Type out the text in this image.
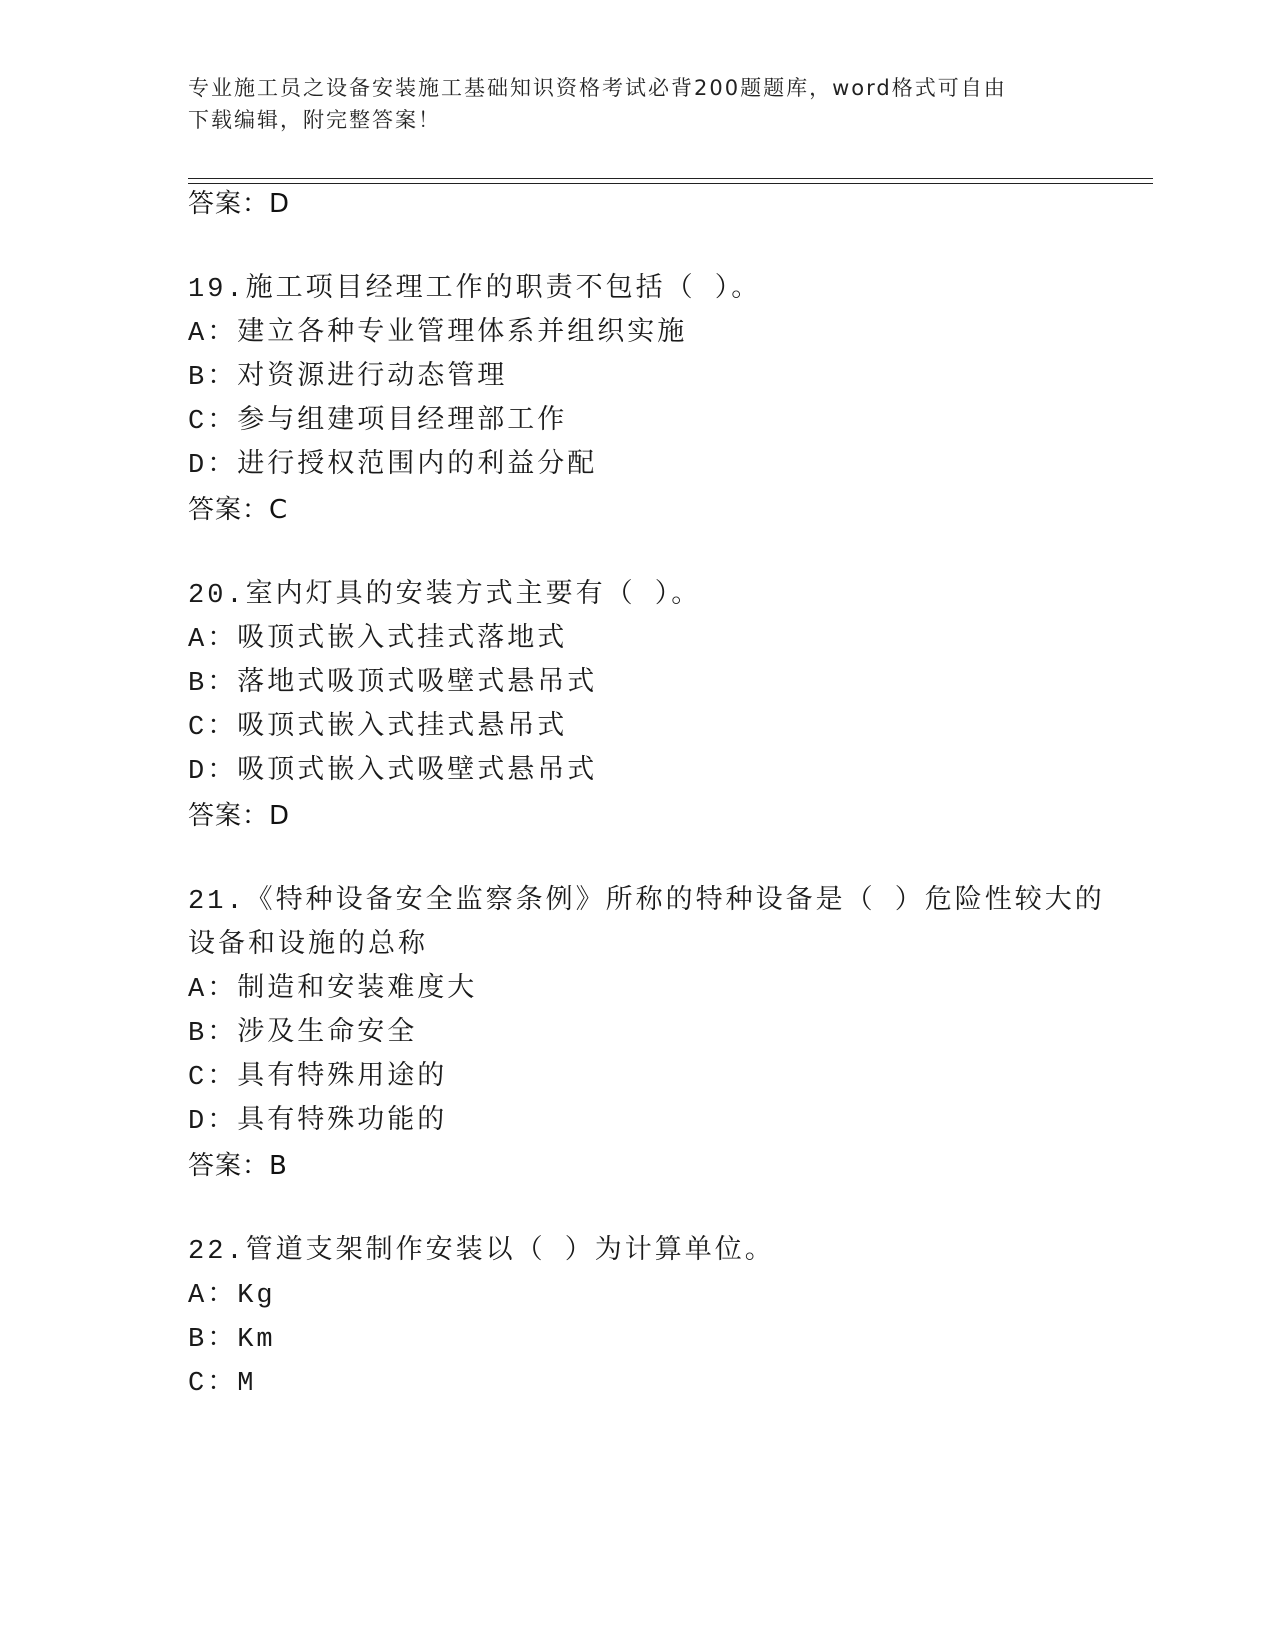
专业施工员之设备安装施工基础知识资格考试必背200题题库，word格式可自由
下载编辑，附完整答案！
答案：D
19.施工项目经理工作的职责不包括（ ）。
A：建立各种专业管理体系并组织实施
B：对资源进行动态管理
C：参与组建项目经理部工作
D：进行授权范围内的利益分配
答案：C
20.室内灯具的安装方式主要有（ ）。
A：吸顶式嵌入式挂式落地式
B：落地式吸顶式吸壁式悬吊式
C：吸顶式嵌入式挂式悬吊式
D：吸顶式嵌入式吸壁式悬吊式
答案：D
21.《特种设备安全监察条例》所称的特种设备是（ ）危险性较大的
设备和设施的总称
A：制造和安装难度大
B：涉及生命安全
C：具有特殊用途的
D：具有特殊功能的
答案：B
22.管道支架制作安装以（ ）为计算单位。
A：Kg
B：Km
C：M
